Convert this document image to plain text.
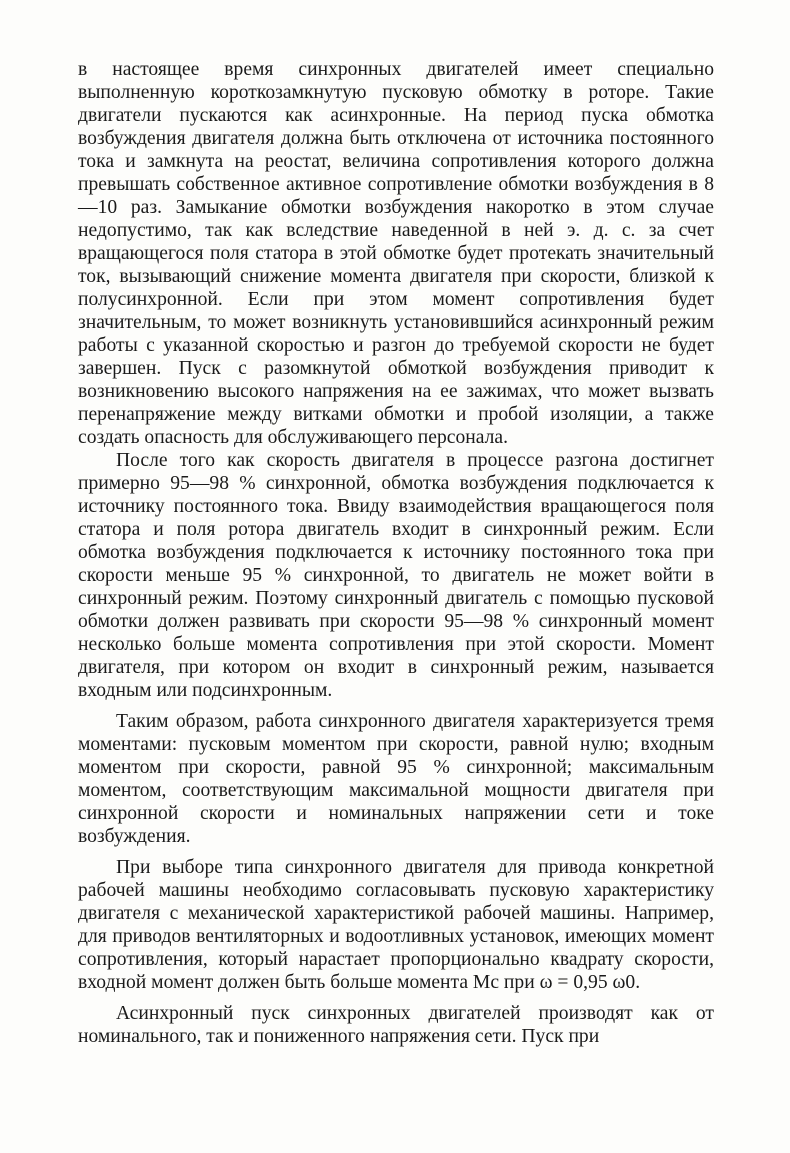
в настоящее время синхронных двигателей имеет специально выполненную короткозамкнутую пусковую обмотку в роторе. Такие двигатели пускаются как асинхронные. На период пуска обмотка возбуждения двигателя должна быть отключена от источника постоянного тока и замкнута на реостат, величина сопротивления которого должна превышать собственное активное сопротивление обмотки возбуждения в 8—10 раз. Замыкание обмотки возбуждения накоротко в этом случае недопустимо, так как вследствие наведенной в ней э. д. с. за счет вращающегося поля статора в этой обмотке будет протекать значительный ток, вызывающий снижение момента двигателя при скорости, близкой к полусинхронной. Если при этом момент сопротивления будет значительным, то может возникнуть установившийся асинхронный режим работы с указанной скоростью и разгон до требуемой скорости не будет завершен. Пуск с разомкнутой обмоткой возбуждения приводит к возникновению высокого напряжения на ее зажимах, что может вызвать перенапряжение между витками обмотки и пробой изоляции, а также создать опасность для обслуживающего персонала.

После того как скорость двигателя в процессе разгона достигнет примерно 95—98 % синхронной, обмотка возбуждения подключается к источнику постоянного тока. Ввиду взаимодействия вращающегося поля статора и поля ротора двигатель входит в синхронный режим. Если обмотка возбуждения подключается к источнику постоянного тока при скорости меньше 95 % синхронной, то двигатель не может войти в синхронный режим. Поэтому синхронный двигатель с помощью пусковой обмотки должен развивать при скорости 95—98 % синхронный момент несколько больше момента сопротивления при этой скорости. Момент двигателя, при котором он входит в синхронный режим, называется входным или подсинхронным.

Таким образом, работа синхронного двигателя характеризуется тремя моментами: пусковым моментом при скорости, равной нулю; входным моментом при скорости, равной 95 % синхронной; максимальным моментом, соответствующим максимальной мощности двигателя при синхронной скорости и номинальных напряжении сети и токе возбуждения.

При выборе типа синхронного двигателя для привода конкретной рабочей машины необходимо согласовывать пусковую характеристику двигателя с механической характеристикой рабочей машины. Например, для приводов вентиляторных и водоотливных установок, имеющих момент сопротивления, который нарастает пропорционально квадрату скорости, входной момент должен быть больше момента Mс при ω = 0,95 ω0.

Асинхронный пуск синхронных двигателей производят как от номинального, так и пониженного напряжения сети. Пуск при
